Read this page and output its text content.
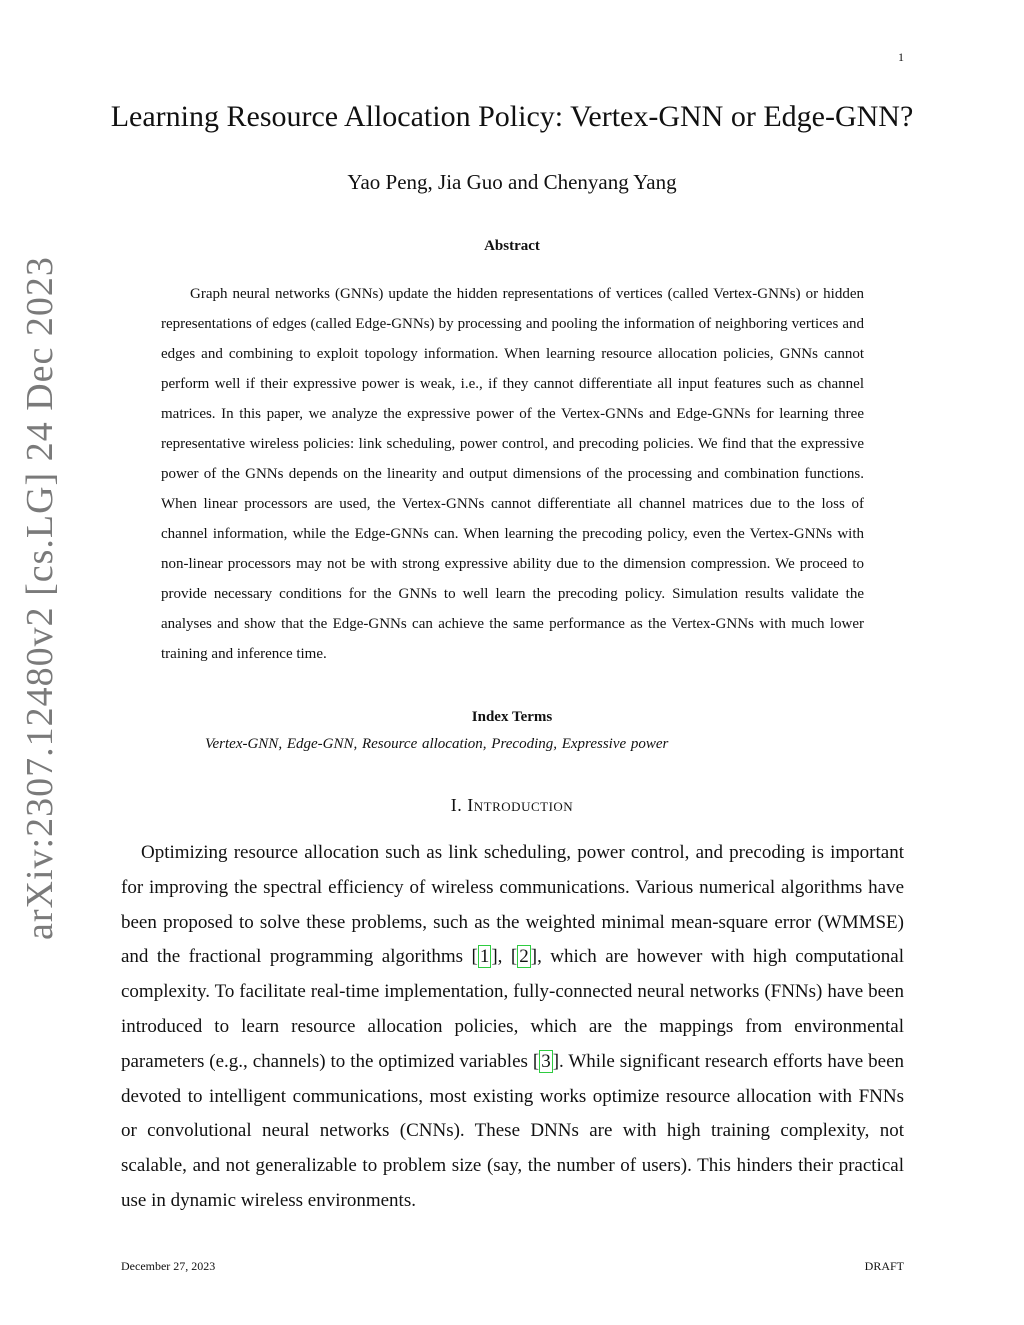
1
arXiv:2307.12480v2 [cs.LG] 24 Dec 2023
Learning Resource Allocation Policy: Vertex-GNN or Edge-GNN?
Yao Peng, Jia Guo and Chenyang Yang
Abstract

Graph neural networks (GNNs) update the hidden representations of vertices (called Vertex-GNNs) or hidden representations of edges (called Edge-GNNs) by processing and pooling the information of neighboring vertices and edges and combining to exploit topology information. When learning resource allocation policies, GNNs cannot perform well if their expressive power is weak, i.e., if they cannot differentiate all input features such as channel matrices. In this paper, we analyze the expressive power of the Vertex-GNNs and Edge-GNNs for learning three representative wireless policies: link scheduling, power control, and precoding policies. We find that the expressive power of the GNNs depends on the linearity and output dimensions of the processing and combination functions. When linear processors are used, the Vertex-GNNs cannot differentiate all channel matrices due to the loss of channel information, while the Edge-GNNs can. When learning the precoding policy, even the Vertex-GNNs with non-linear processors may not be with strong expressive ability due to the dimension compression. We proceed to provide necessary conditions for the GNNs to well learn the precoding policy. Simulation results validate the analyses and show that the Edge-GNNs can achieve the same performance as the Vertex-GNNs with much lower training and inference time.

Index Terms
Vertex-GNN, Edge-GNN, Resource allocation, Precoding, Expressive power
I. Introduction

Optimizing resource allocation such as link scheduling, power control, and precoding is important for improving the spectral efficiency of wireless communications. Various numerical algorithms have been proposed to solve these problems, such as the weighted minimal mean-square error (WMMSE) and the fractional programming algorithms [ 1 ], [ 2 ], which are however with high computational complexity. To facilitate real-time implementation, fully-connected neural networks (FNNs) have been introduced to learn resource allocation policies, which are the mappings from environmental parameters (e.g., channels) to the optimized variables [ 3 ]. While significant research efforts have been devoted to intelligent communications, most existing works optimize resource allocation with FNNs or convolutional neural networks (CNNs). These DNNs are with high training complexity, not scalable, and not generalizable to problem size (say, the number of users). This hinders their practical use in dynamic wireless environments.

December 27, 2023	DRAFT
